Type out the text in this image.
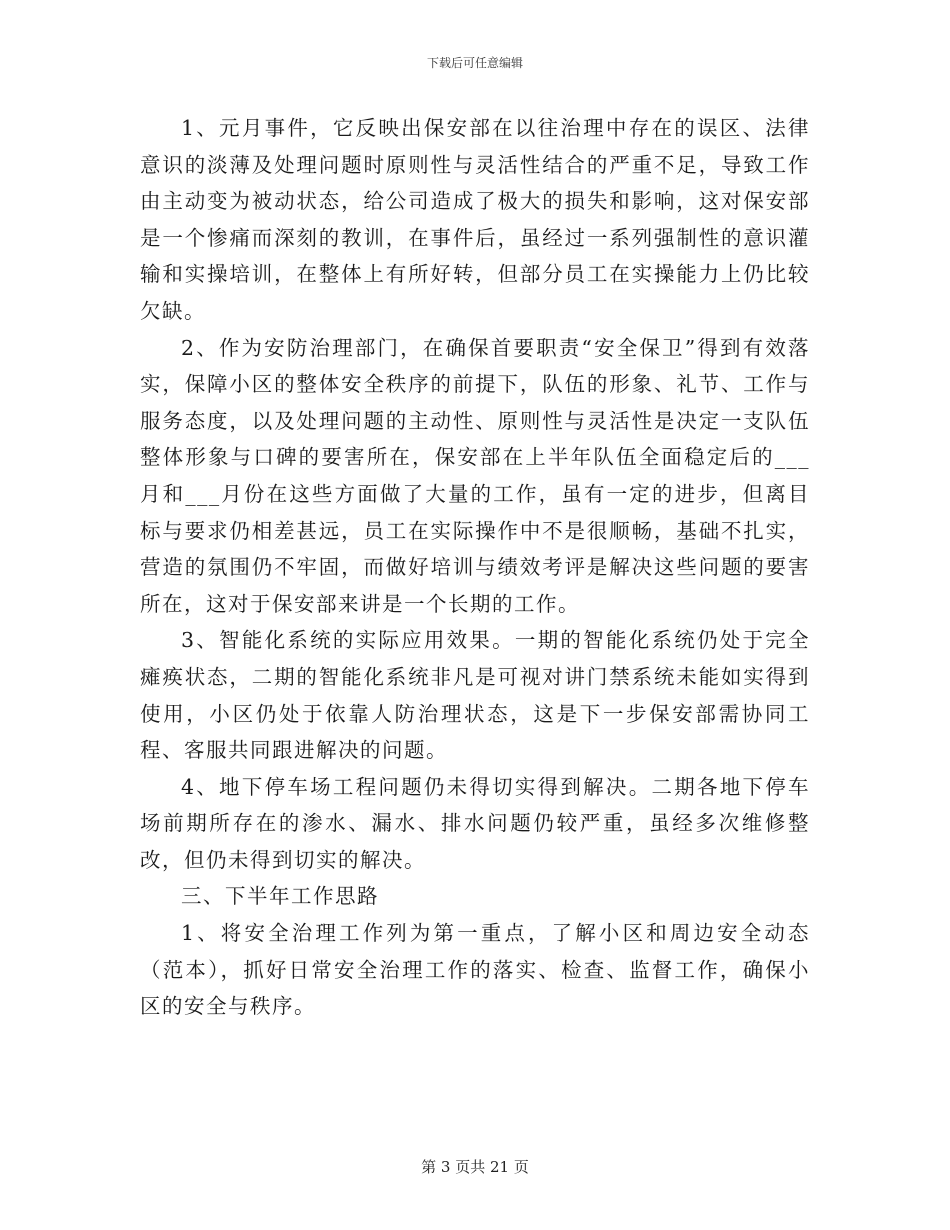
下载后可任意编辑

1、元月事件，它反映出保安部在以往治理中存在的误区、法律意识的淡薄及处理问题时原则性与灵活性结合的严重不足，导致工作由主动变为被动状态，给公司造成了极大的损失和影响，这对保安部是一个惨痛而深刻的教训，在事件后，虽经过一系列强制性的意识灌输和实操培训，在整体上有所好转，但部分员工在实操能力上仍比较欠缺。

2、作为安防治理部门，在确保首要职责“安全保卫”得到有效落实，保障小区的整体安全秩序的前提下，队伍的形象、礼节、工作与服务态度，以及处理问题的主动性、原则性与灵活性是决定一支队伍整体形象与口碑的要害所在，保安部在上半年队伍全面稳定后的___月和___月份在这些方面做了大量的工作，虽有一定的进步，但离目标与要求仍相差甚远，员工在实际操作中不是很顺畅，基础不扎实，营造的氛围仍不牢固，而做好培训与绩效考评是解决这些问题的要害所在，这对于保安部来讲是一个长期的工作。

3、智能化系统的实际应用效果。一期的智能化系统仍处于完全瘫痪状态，二期的智能化系统非凡是可视对讲门禁系统未能如实得到使用，小区仍处于依靠人防治理状态，这是下一步保安部需协同工程、客服共同跟进解决的问题。

4、地下停车场工程问题仍未得切实得到解决。二期各地下停车场前期所存在的渗水、漏水、排水问题仍较严重，虽经多次维修整改，但仍未得到切实的解决。

三、下半年工作思路

1、将安全治理工作列为第一重点，了解小区和周边安全动态（范本），抓好日常安全治理工作的落实、检查、监督工作，确保小区的安全与秩序。

第 3 页共 21 页
